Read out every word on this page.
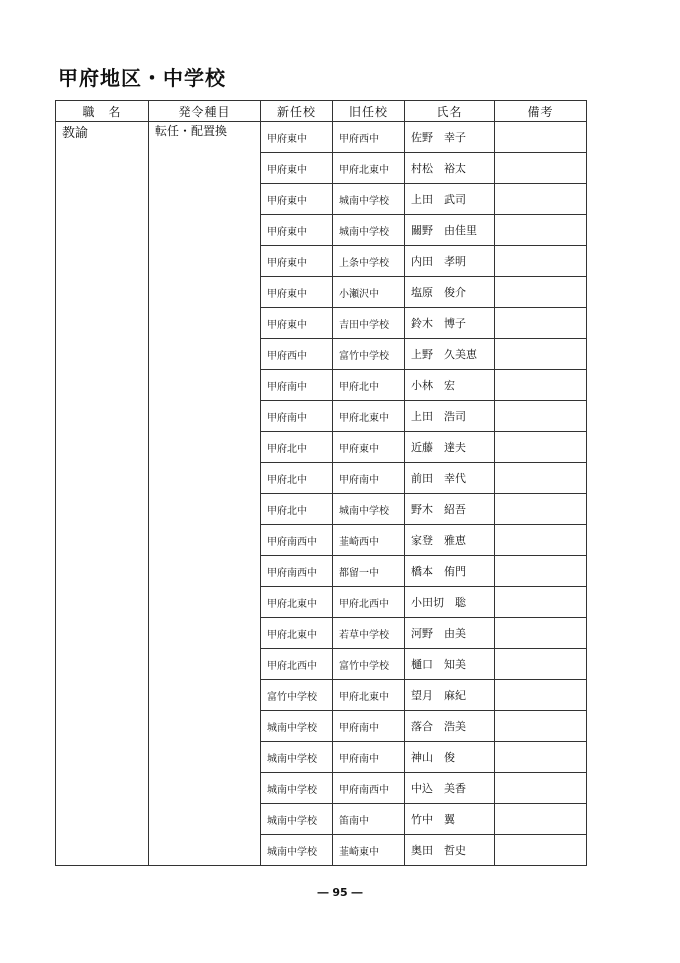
甲府地区・中学校
職　名	発令種目	新任校	旧任校	氏名	備考
教諭	転任・配置換	甲府東中	甲府西中	佐野　幸子	
		甲府東中	甲府北東中	村松　裕太	
		甲府東中	城南中学校	上田　武司	
		甲府東中	城南中学校	關野　由佳里	
		甲府東中	上条中学校	内田　孝明	
		甲府東中	小瀬沢中	塩原　俊介	
		甲府東中	吉田中学校	鈴木　博子	
		甲府西中	富竹中学校	上野　久美恵	
		甲府南中	甲府北中	小林　宏	
		甲府南中	甲府北東中	上田　浩司	
		甲府北中	甲府東中	近藤　達夫	
		甲府北中	甲府南中	前田　幸代	
		甲府北中	城南中学校	野木　紹吾	
		甲府南西中	韮崎西中	家登　雅恵	
		甲府南西中	都留一中	橋本　侑門	
		甲府北東中	甲府北西中	小田切　聡	
		甲府北東中	若草中学校	河野　由美	
		甲府北西中	富竹中学校	樋口　知美	
		富竹中学校	甲府北東中	望月　麻紀	
		城南中学校	甲府南中	落合　浩美	
		城南中学校	甲府南中	神山　俊	
		城南中学校	甲府南西中	中込　美香	
		城南中学校	笛南中	竹中　翼	
		城南中学校	韮崎東中	奥田　哲史	
― 95 ―
